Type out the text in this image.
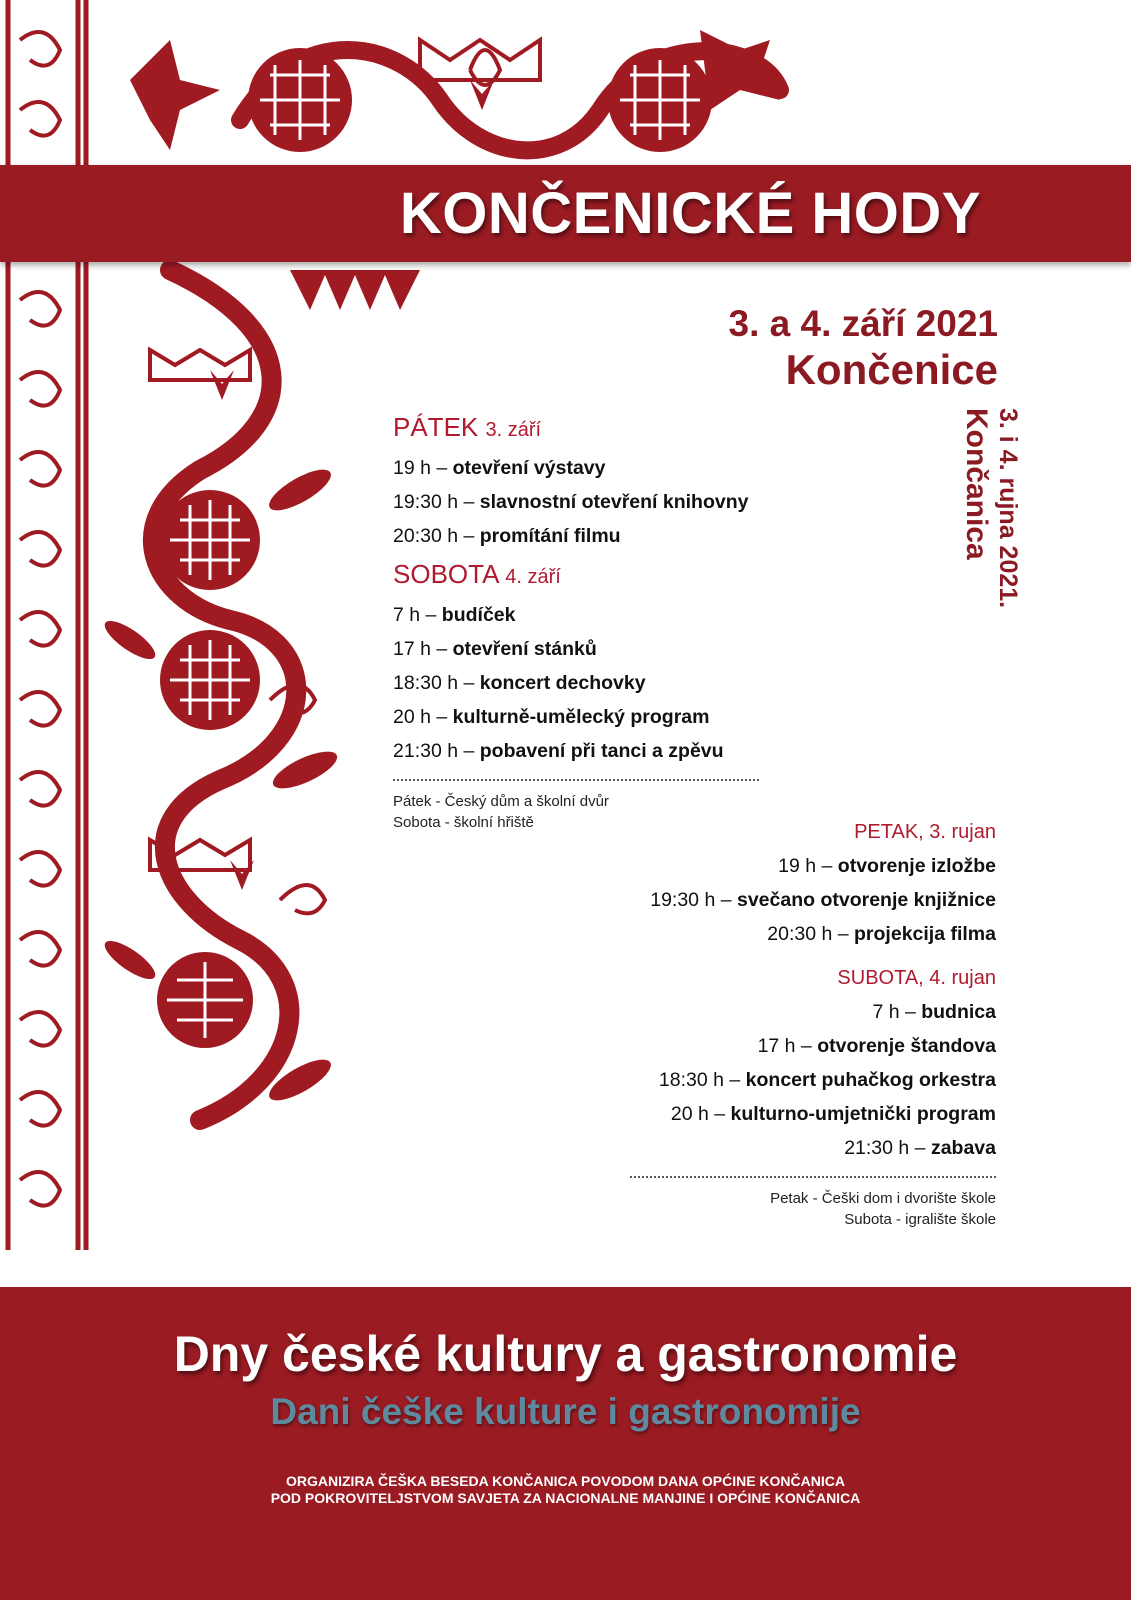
KONČENICKÉ HODY
3. a 4. září 2021
Končenice
3. i 4. rujna 2021.
Končanica
PÁTEK 3. září
19 h – otevření výstavy
19:30 h – slavnostní otevření knihovny
20:30 h – promítání filmu
SOBOTA 4. září
7 h – budíček
17 h – otevření stánků
18:30 h – koncert dechovky
20 h – kulturně-umělecký program
21:30 h – pobavení při tanci a zpěvu
Pátek - Český dům a školní dvůr
Sobota - školní hřiště	PETAK, 3. rujan
19 h – otvorenje izložbe
19:30 h – svečano otvorenje knjižnice
20:30 h – projekcija filma
SUBOTA, 4. rujan
7 h – budnica
17 h – otvorenje štandova
18:30 h – koncert puhačkog orkestra
20 h – kulturno-umjetnički program
21:30 h – zabava
Petak - Češki dom i dvorište škole
Subota - igralište škole
Dny české kultury a gastronomie
Dani češke kulture i gastronomije
ORGANIZIRA ČEŠKA BESEDA KONČANICA POVODOM DANA OPĆINE KONČANICA
POD POKROVITELJSTVOM SAVJETA ZA NACIONALNE MANJINE I OPĆINE KONČANICA
